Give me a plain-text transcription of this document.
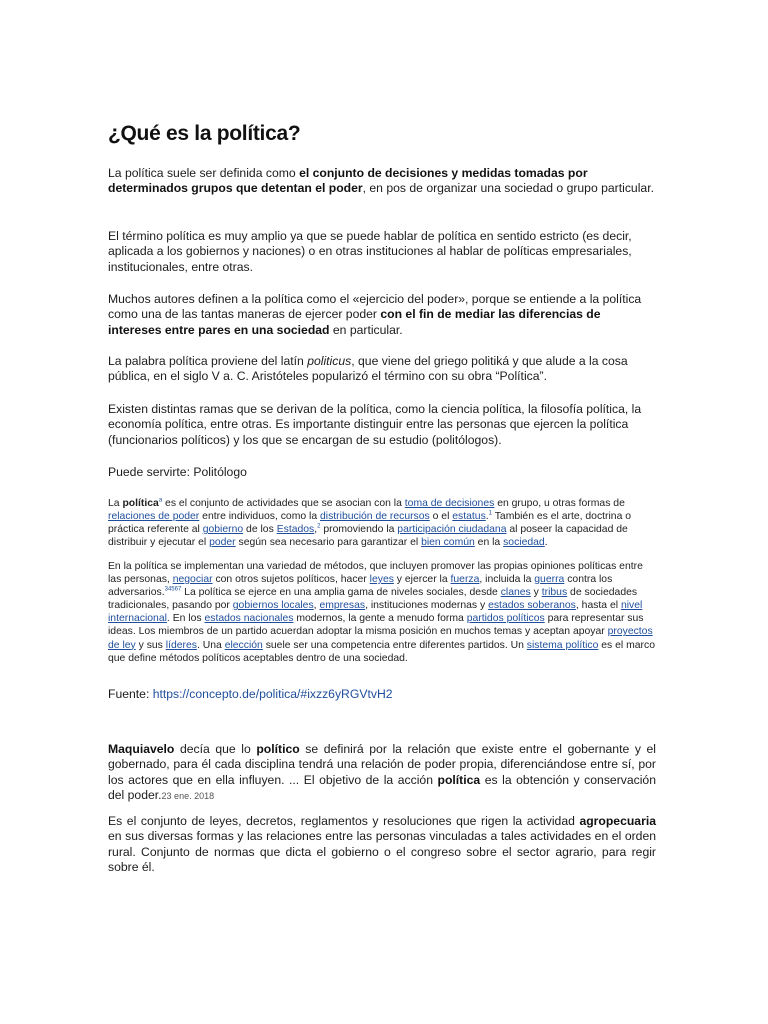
¿Qué es la política?

La política suele ser definida como el conjunto de decisiones y medidas tomadas por determinados grupos que detentan el poder, en pos de organizar una sociedad o grupo particular.

El término política es muy amplio ya que se puede hablar de política en sentido estricto (es decir, aplicada a los gobiernos y naciones) o en otras instituciones al hablar de políticas empresariales, institucionales, entre otras.

Muchos autores definen a la política como el «ejercicio del poder», porque se entiende a la política como una de las tantas maneras de ejercer poder con el fin de mediar las diferencias de intereses entre pares en una sociedad en particular.

La palabra política proviene del latín politicus, que viene del griego politiká y que alude a la cosa pública, en el siglo V a. C. Aristóteles popularizó el término con su obra “Política”.

Existen distintas ramas que se derivan de la política, como la ciencia política, la filosofía política, la economía política, entre otras. Es importante distinguir entre las personas que ejercen la política (funcionarios políticos) y los que se encargan de su estudio (politólogos).

Puede servirte: Politólogo

La política$^a$ es el conjunto de actividades que se asocian con la toma de decisiones en grupo, u otras formas de relaciones de poder entre individuos, como la distribución de recursos o el estatus.$^1$ También es el arte, doctrina o práctica referente al gobierno de los Estados,$^2$ promoviendo la participación ciudadana al poseer la capacidad de distribuir y ejecutar el poder según sea necesario para garantizar el bien común en la sociedad.

En la política se implementan una variedad de métodos, que incluyen promover las propias opiniones políticas entre las personas, negociar con otros sujetos políticos, hacer leyes y ejercer la fuerza, incluida la guerra contra los adversarios.$^{3​4​5​6​7}$ La política se ejerce en una amplia gama de niveles sociales, desde clanes y tribus de sociedades tradicionales, pasando por gobiernos locales, empresas, instituciones modernas y estados soberanos, hasta el nivel internacional. En los estados nacionales modernos, la gente a menudo forma partidos políticos para representar sus ideas. Los miembros de un partido acuerdan adoptar la misma posición en muchos temas y aceptan apoyar proyectos de ley y sus líderes. Una elección suele ser una competencia entre diferentes partidos. Un sistema político es el marco que define métodos políticos aceptables dentro de una sociedad.

Fuente: https://concepto.de/politica/#ixzz6yRGVtvH2

Maquiavelo decía que lo político se definirá por la relación que existe entre el gobernante y el gobernado, para él cada disciplina tendrá una relación de poder propia, diferenciándose entre sí, por los actores que en ella influyen. ... El objetivo de la acción política es la obtención y conservación del poder.23 ene. 2018

Es el conjunto de leyes, decretos, reglamentos y resoluciones que rigen la actividad agropecuaria en sus diversas formas y las relaciones entre las personas vinculadas a tales actividades en el orden rural. Conjunto de normas que dicta el gobierno o el congreso sobre el sector agrario, para regir sobre él.
